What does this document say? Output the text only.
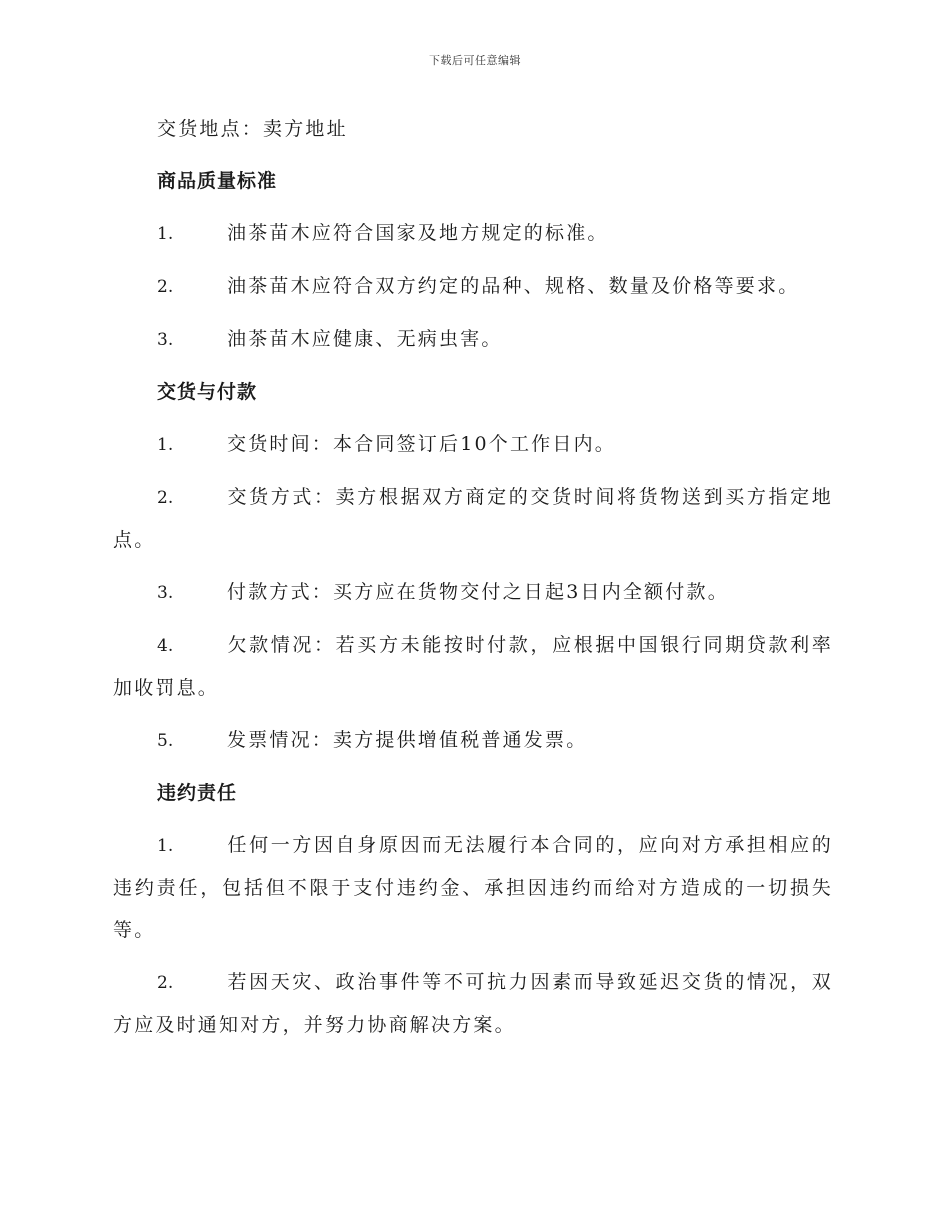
下载后可任意编辑

交货地点：卖方地址

商品质量标准

1.	油茶苗木应符合国家及地方规定的标准。

2.	油茶苗木应符合双方约定的品种、规格、数量及价格等要求。

3.	油茶苗木应健康、无病虫害。

交货与付款

1.	交货时间：本合同签订后10个工作日内。

2.	交货方式：卖方根据双方商定的交货时间将货物送到买方指定地点。

3.	付款方式：买方应在货物交付之日起3日内全额付款。

4.	欠款情况：若买方未能按时付款，应根据中国银行同期贷款利率加收罚息。

5.	发票情况：卖方提供增值税普通发票。

违约责任

1.	任何一方因自身原因而无法履行本合同的，应向对方承担相应的违约责任，包括但不限于支付违约金、承担因违约而给对方造成的一切损失等。

2.	若因天灾、政治事件等不可抗力因素而导致延迟交货的情况，双方应及时通知对方，并努力协商解决方案。
